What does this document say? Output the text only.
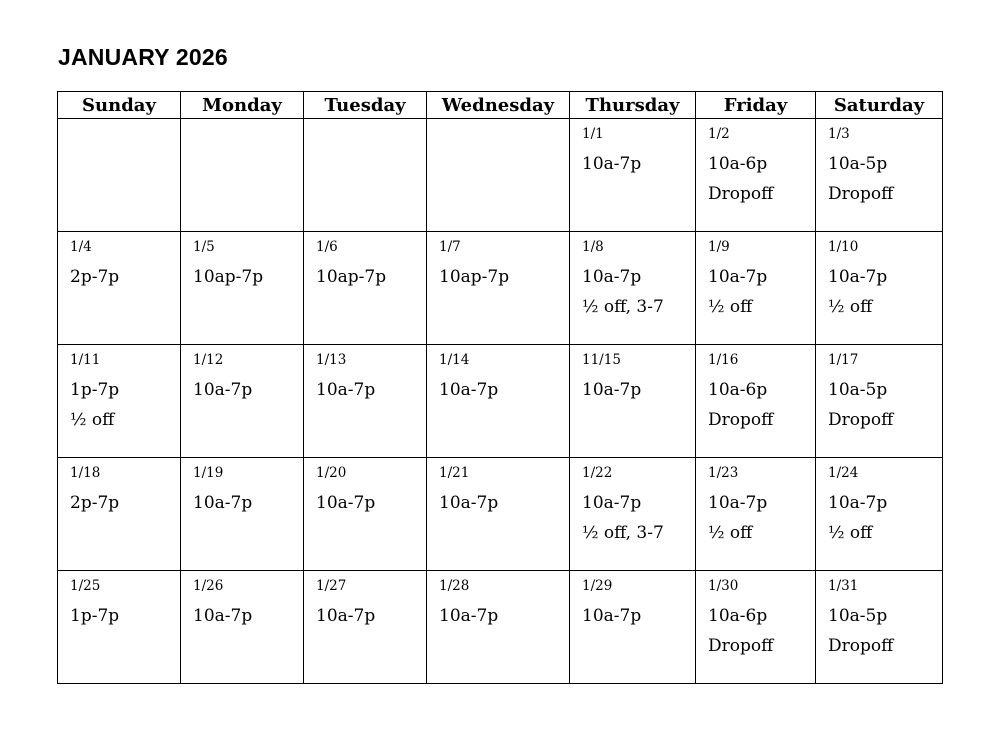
JANUARY 2026
Sunday	Monday	Tuesday	Wednesday	Thursday	Friday	Saturday

				1/1
10a-7p	1/2
10a-6p
Dropoff	1/3
10a-5p
Dropoff

1/4
2p-7p	1/5
10ap-7p	1/6
10ap-7p	1/7
10ap-7p	1/8
10a-7p
½ off, 3-7	1/9
10a-7p
½ off	1/10
10a-7p
½ off

1/11
1p-7p
½ off	1/12
10a-7p	1/13
10a-7p	1/14
10a-7p	11/15
10a-7p	1/16
10a-6p
Dropoff	1/17
10a-5p
Dropoff

1/18
2p-7p	1/19
10a-7p	1/20
10a-7p	1/21
10a-7p	1/22
10a-7p
½ off, 3-7	1/23
10a-7p
½ off	1/24
10a-7p
½ off

1/25
1p-7p	1/26
10a-7p	1/27
10a-7p	1/28
10a-7p	1/29
10a-7p	1/30
10a-6p
Dropoff	1/31
10a-5p
Dropoff
